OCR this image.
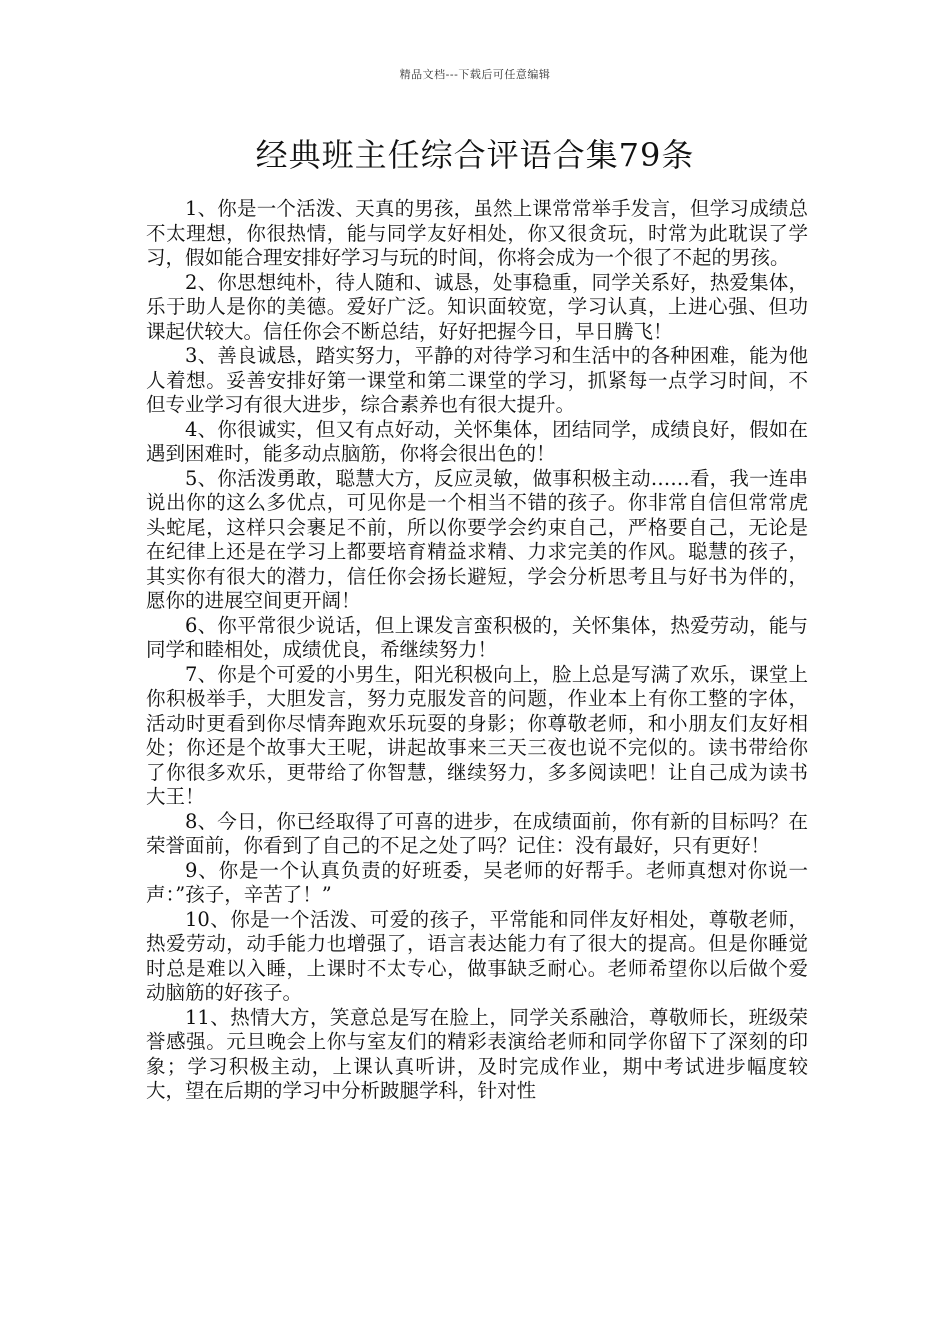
精品文档---下载后可任意编辑
经典班主任综合评语合集79条

1、你是一个活泼、天真的男孩，虽然上课常常举手发言，但学习成绩总不太理想，你很热情，能与同学友好相处，你又很贪玩，时常为此耽误了学习，假如能合理安排好学习与玩的时间，你将会成为一个很了不起的男孩。

2、你思想纯朴，待人随和、诚恳，处事稳重，同学关系好，热爱集体，乐于助人是你的美德。爱好广泛。知识面较宽，学习认真，上进心强、但功课起伏较大。信任你会不断总结，好好把握今日，早日腾飞！

3、善良诚恳，踏实努力，平静的对待学习和生活中的各种困难，能为他人着想。妥善安排好第一课堂和第二课堂的学习，抓紧每一点学习时间，不但专业学习有很大进步，综合素养也有很大提升。

4、你很诚实，但又有点好动，关怀集体，团结同学，成绩良好，假如在遇到困难时，能多动点脑筋，你将会很出色的！

5、你活泼勇敢，聪慧大方，反应灵敏，做事积极主动……看，我一连串说出你的这么多优点，可见你是一个相当不错的孩子。你非常自信但常常虎头蛇尾，这样只会裹足不前，所以你要学会约束自己，严格要自己，无论是在纪律上还是在学习上都要培育精益求精、力求完美的作风。聪慧的孩子，其实你有很大的潜力，信任你会扬长避短，学会分析思考且与好书为伴的，愿你的进展空间更开阔！

6、你平常很少说话，但上课发言蛮积极的，关怀集体，热爱劳动，能与同学和睦相处，成绩优良，希继续努力！

7、你是个可爱的小男生，阳光积极向上，脸上总是写满了欢乐，课堂上你积极举手，大胆发言，努力克服发音的问题，作业本上有你工整的字体，活动时更看到你尽情奔跑欢乐玩耍的身影；你尊敬老师，和小朋友们友好相处；你还是个故事大王呢，讲起故事来三天三夜也说不完似的。读书带给你了你很多欢乐，更带给了你智慧，继续努力，多多阅读吧！让自己成为读书大王！

8、今日，你已经取得了可喜的进步，在成绩面前，你有新的目标吗？在荣誉面前，你看到了自己的不足之处了吗？记住：没有最好，只有更好！

9、你是一个认真负责的好班委，吴老师的好帮手。老师真想对你说一声：”孩子，辛苦了！”

10、你是一个活泼、可爱的孩子，平常能和同伴友好相处，尊敬老师，热爱劳动，动手能力也增强了，语言表达能力有了很大的提高。但是你睡觉时总是难以入睡，上课时不太专心，做事缺乏耐心。老师希望你以后做个爱动脑筋的好孩子。

11、热情大方，笑意总是写在脸上，同学关系融洽，尊敬师长，班级荣誉感强。元旦晚会上你与室友们的精彩表演给老师和同学你留下了深刻的印象；学习积极主动，上课认真听讲，及时完成作业，期中考试进步幅度较大，望在后期的学习中分析跛腿学科，针对性
